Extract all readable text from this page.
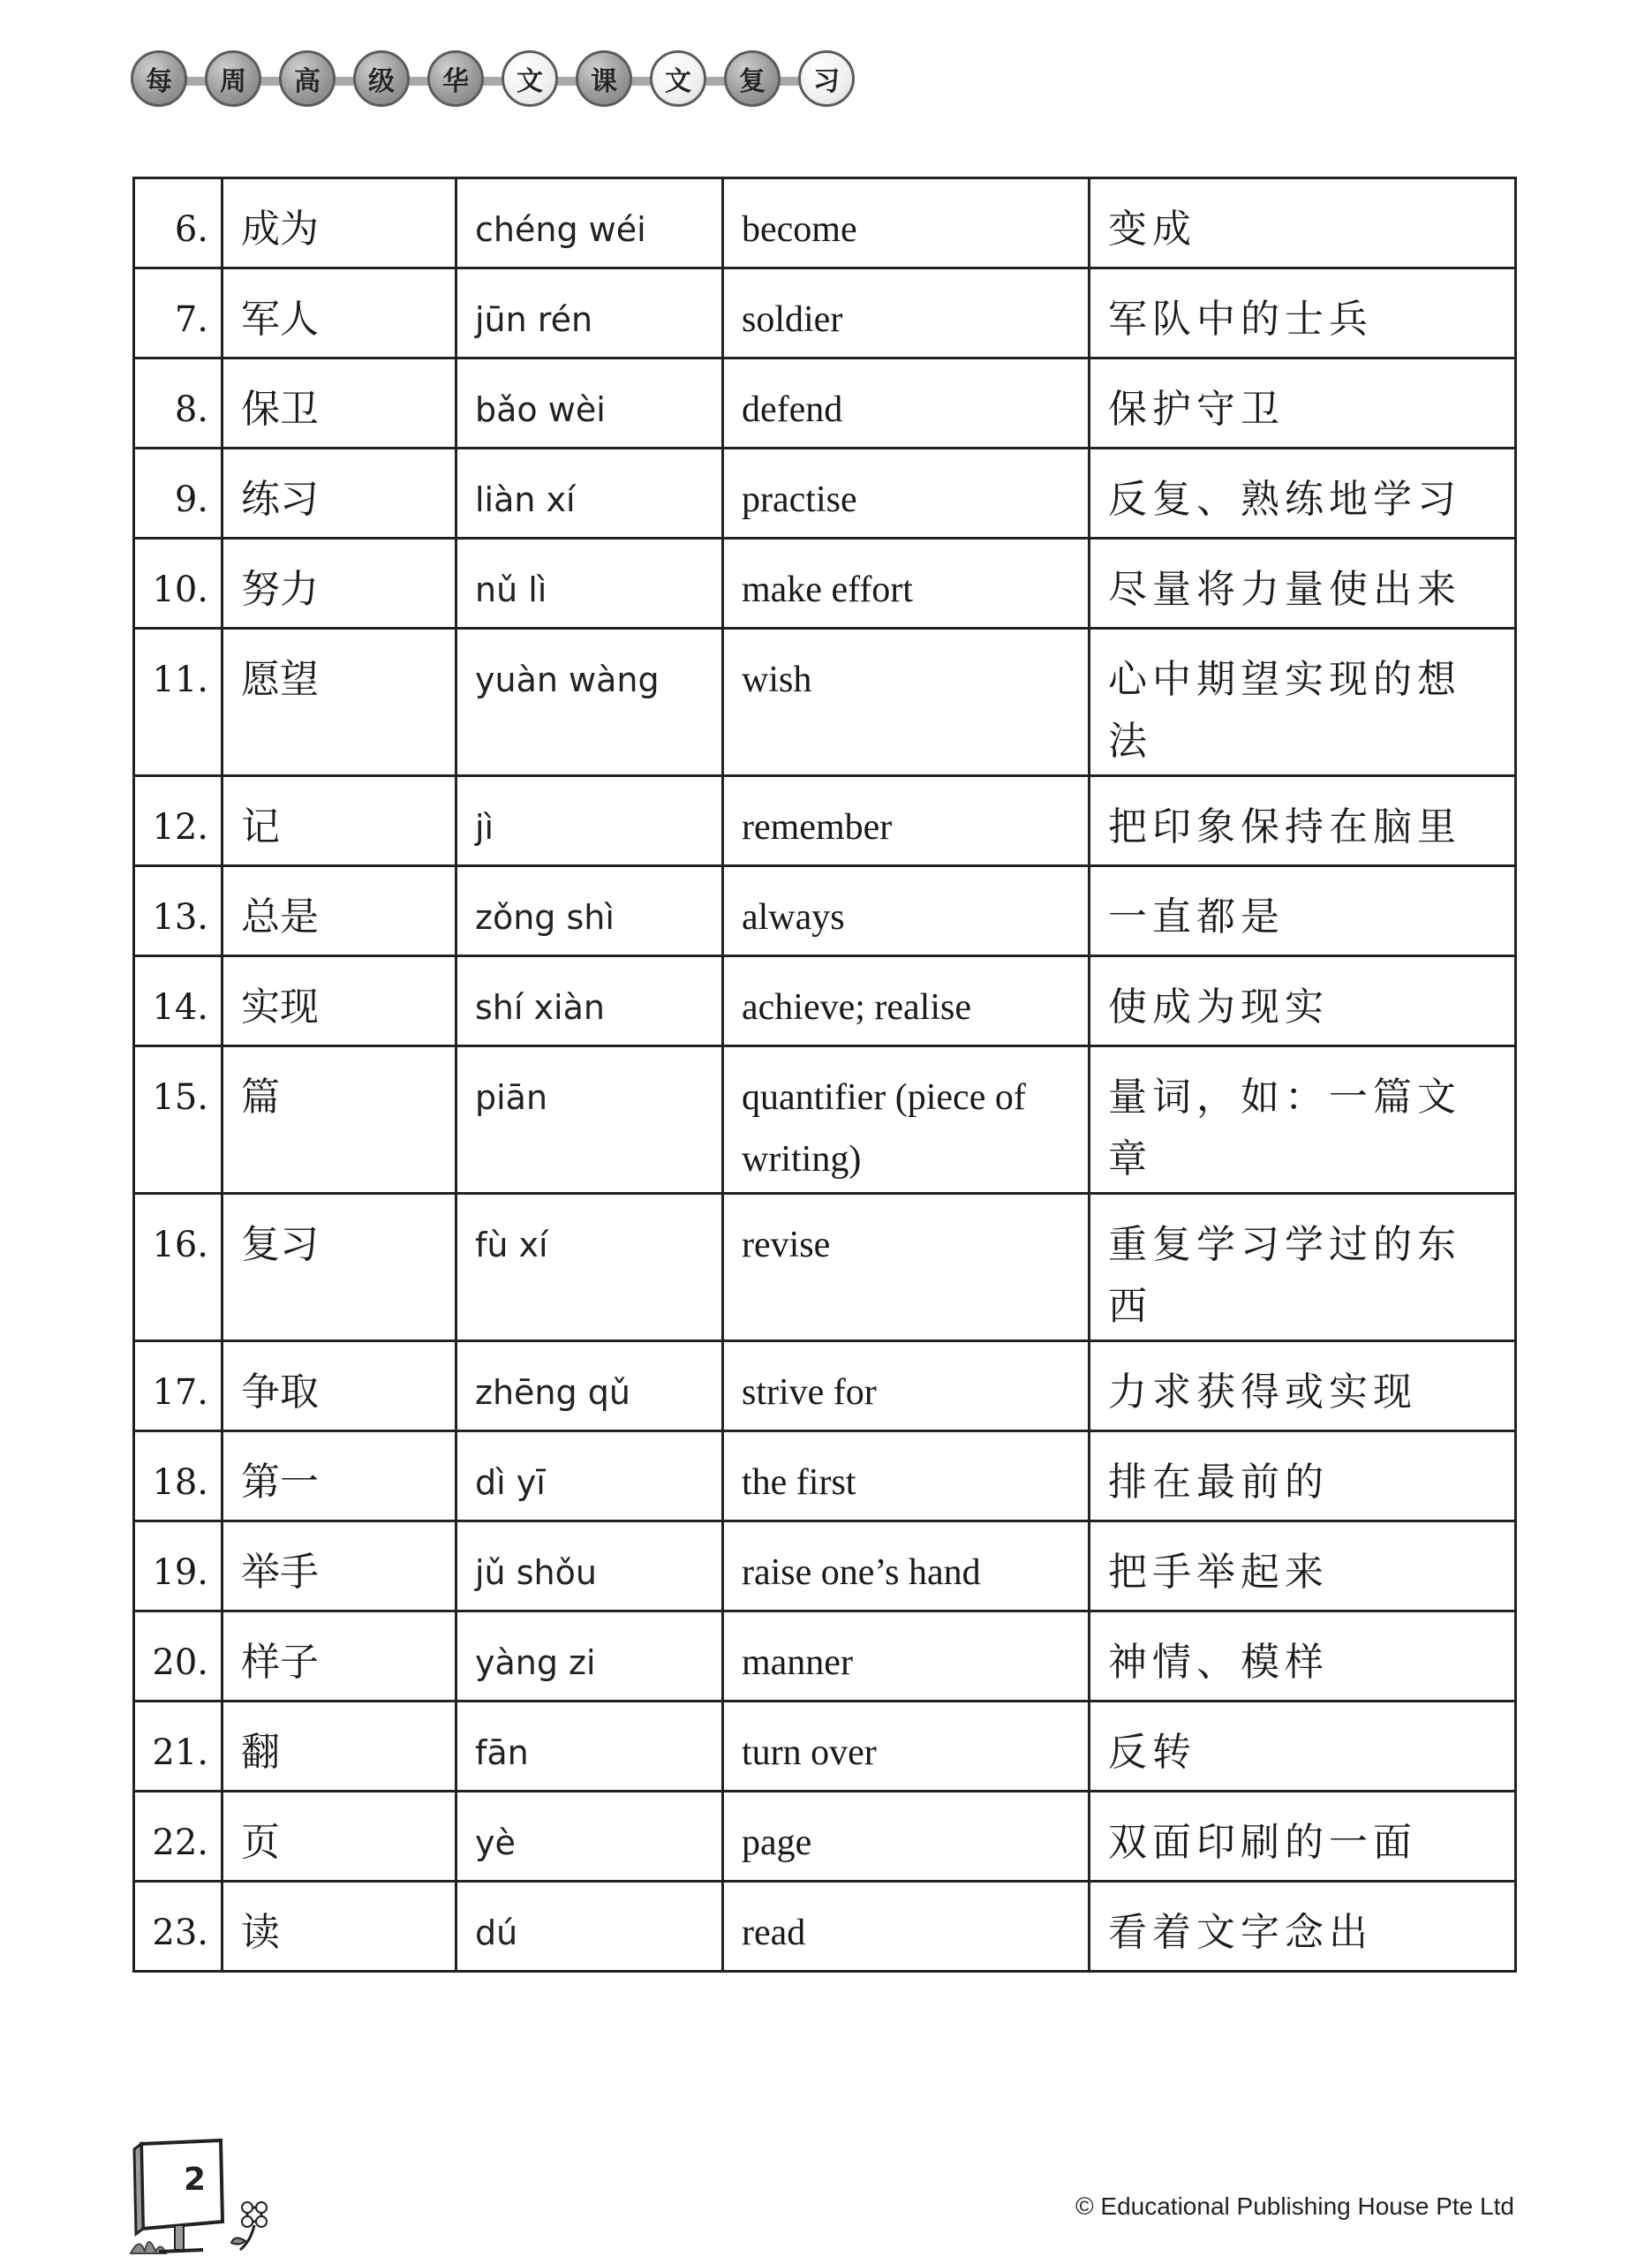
每	周	高	级	华	文	课	文	复	习
6.	成为	chéng wéi	become	变成
7.	军人	jūn rén	soldier	军队中的士兵
8.	保卫	bǎo wèi	defend	保护守卫
9.	练习	liàn xí	practise	反复、熟练地学习
10.	努力	nǔ lì	make effort	尽量将力量使出来
11.	愿望	yuàn wàng	wish	心中期望实现的想法
12.	记	jì	remember	把印象保持在脑里
13.	总是	zǒng shì	always	一直都是
14.	实现	shí xiàn	achieve; realise	使成为现实
15.	篇	piān	quantifier (piece of writing)	量词，如：一篇文章
16.	复习	fù xí	revise	重复学习学过的东西
17.	争取	zhēng qǔ	strive for	力求获得或实现
18.	第一	dì yī	the first	排在最前的
19.	举手	jǔ shǒu	raise one’s hand	把手举起来
20.	样子	yàng zi	manner	神情、模样
21.	翻	fān	turn over	反转
22.	页	yè	page	双面印刷的一面
23.	读	dú	read	看着文字念出
2
© Educational Publishing House Pte Ltd
